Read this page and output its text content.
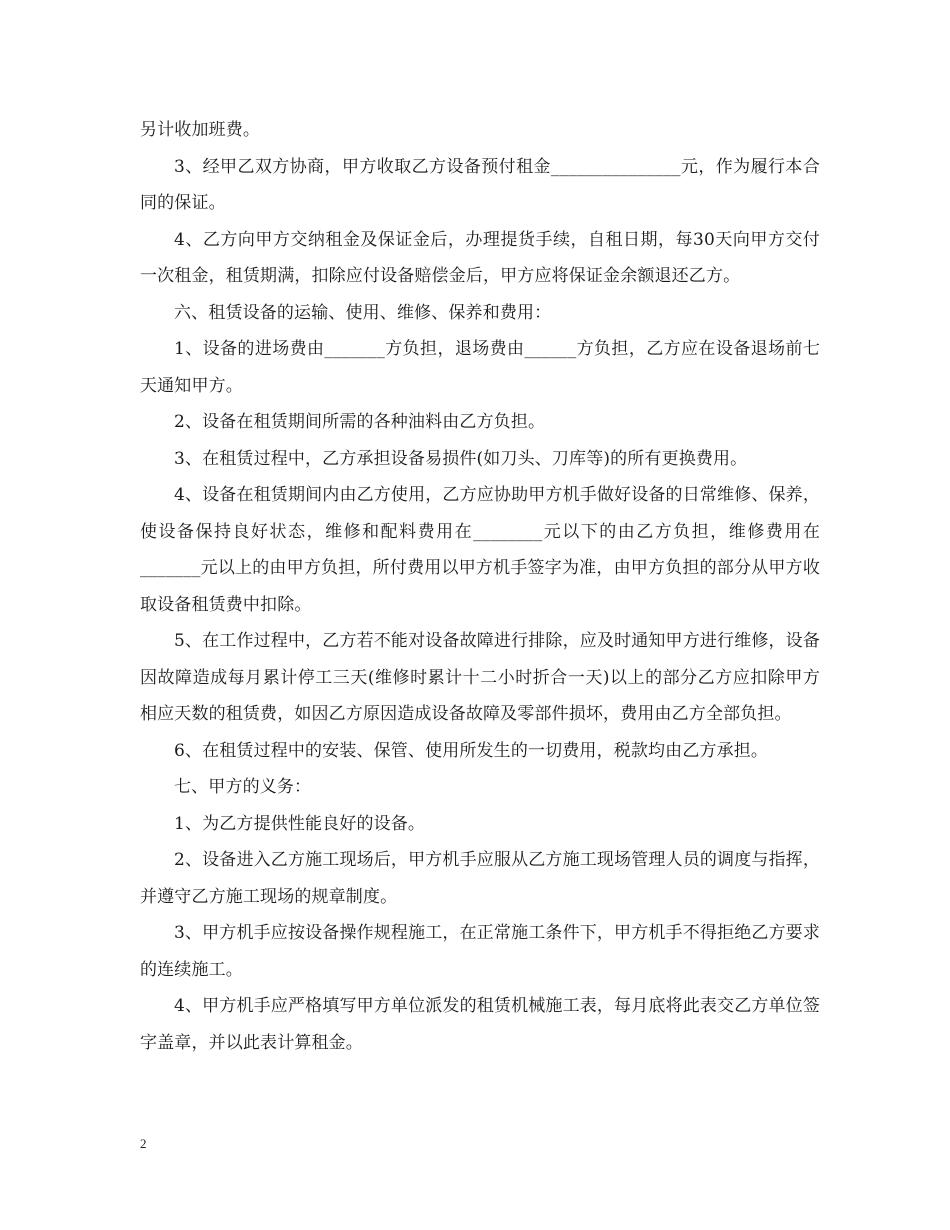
另计收加班费。

3、经甲乙双方协商，甲方收取乙方设备预付租金_______________元，作为履行本合同的保证。

4、乙方向甲方交纳租金及保证金后，办理提货手续，自租日期，每30天向甲方交付一次租金，租赁期满，扣除应付设备赔偿金后，甲方应将保证金余额退还乙方。

六、租赁设备的运输、使用、维修、保养和费用：

1、设备的进场费由_______方负担，退场费由______方负担，乙方应在设备退场前七天通知甲方。

2、设备在租赁期间所需的各种油料由乙方负担。

3、在租赁过程中，乙方承担设备易损件(如刀头、刀库等)的所有更换费用。

4、设备在租赁期间内由乙方使用，乙方应协助甲方机手做好设备的日常维修、保养，使设备保持良好状态，维修和配料费用在________元以下的由乙方负担，维修费用在_______元以上的由甲方负担，所付费用以甲方机手签字为准，由甲方负担的部分从甲方收取设备租赁费中扣除。

5、在工作过程中，乙方若不能对设备故障进行排除，应及时通知甲方进行维修，设备因故障造成每月累计停工三天(维修时累计十二小时折合一天)以上的部分乙方应扣除甲方相应天数的租赁费，如因乙方原因造成设备故障及零部件损坏，费用由乙方全部负担。

6、在租赁过程中的安装、保管、使用所发生的一切费用，税款均由乙方承担。

七、甲方的义务：

1、为乙方提供性能良好的设备。

2、设备进入乙方施工现场后，甲方机手应服从乙方施工现场管理人员的调度与指挥，并遵守乙方施工现场的规章制度。

3、甲方机手应按设备操作规程施工，在正常施工条件下，甲方机手不得拒绝乙方要求的连续施工。

4、甲方机手应严格填写甲方单位派发的租赁机械施工表，每月底将此表交乙方单位签字盖章，并以此表计算租金。

2
